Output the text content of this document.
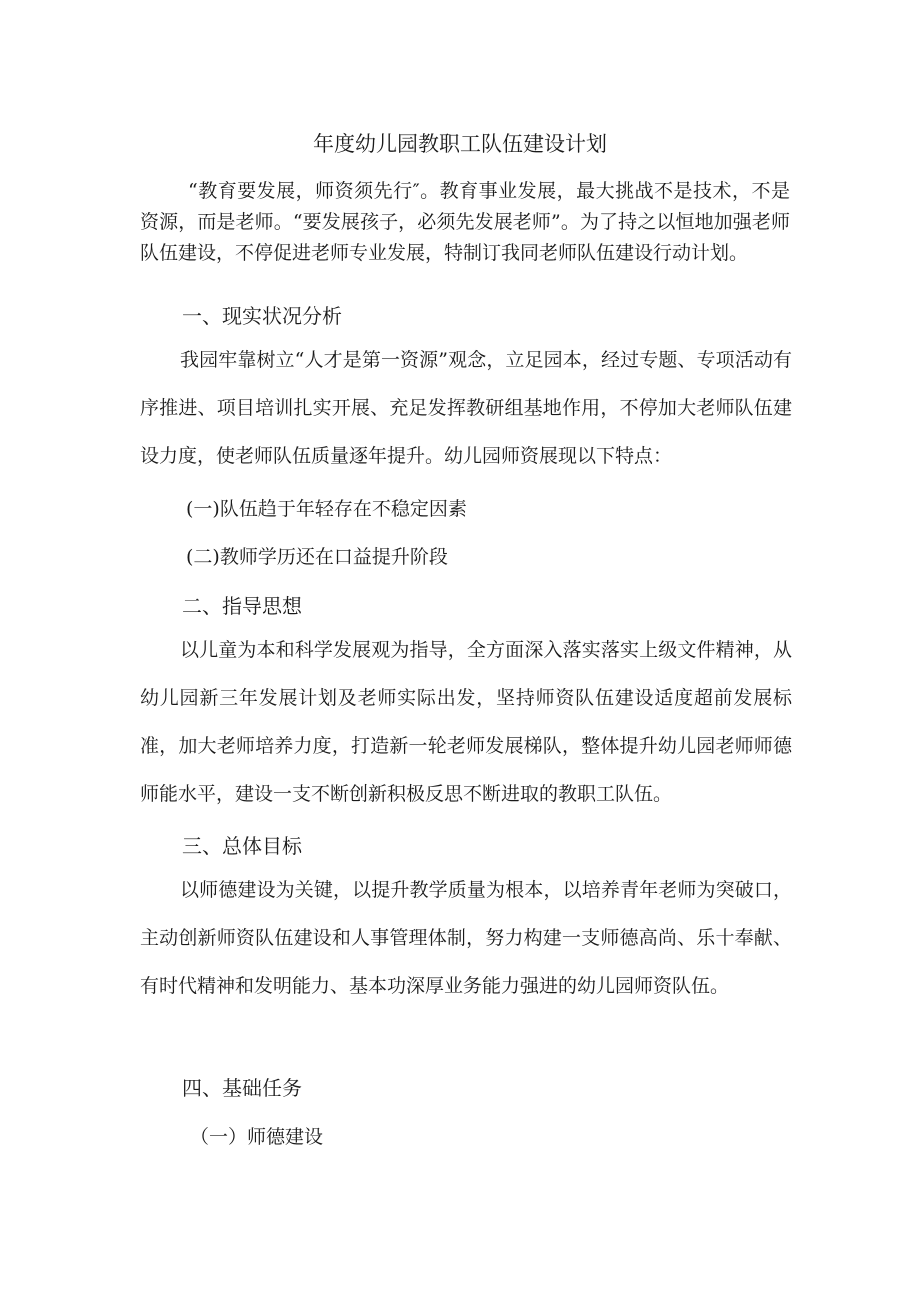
年度幼儿园教职工队伍建设计划

“教育要发展，师资须先行″。教育事业发展，最大挑战不是技术，不是资源，而是老师。“要发展孩子，必须先发展老师”。为了持之以恒地加强老师队伍建设，不停促进老师专业发展，特制订我同老师队伍建设行动计划。

一、现实状况分析

我园牢靠树立“人才是第一资源”观念，立足园本，经过专题、专项活动有序推进、项目培训扎实开展、充足发挥教研组基地作用，不停加大老师队伍建设力度，使老师队伍质量逐年提升。幼儿园师资展现以下特点：

(一)队伍趋于年轻存在不稳定因素
(二)教师学历还在口益提升阶段
二、指导思想

以儿童为本和科学发展观为指导，全方面深入落实落实上级文件精神，从幼儿园新三年发展计划及老师实际出发，坚持师资队伍建设适度超前发展标准，加大老师培养力度，打造新一轮老师发展梯队，整体提升幼儿园老师师德师能水平，建设一支不断创新积极反思不断进取的教职工队伍。

三、总体目标

以师德建设为关键，以提升教学质量为根本，以培养青年老师为突破口，主动创新师资队伍建设和人事管理体制，努力构建一支师德高尚、乐十奉献、有时代精神和发明能力、基本功深厚业务能力强进的幼儿园师资队伍。

四、基础任务
（一）师德建设
